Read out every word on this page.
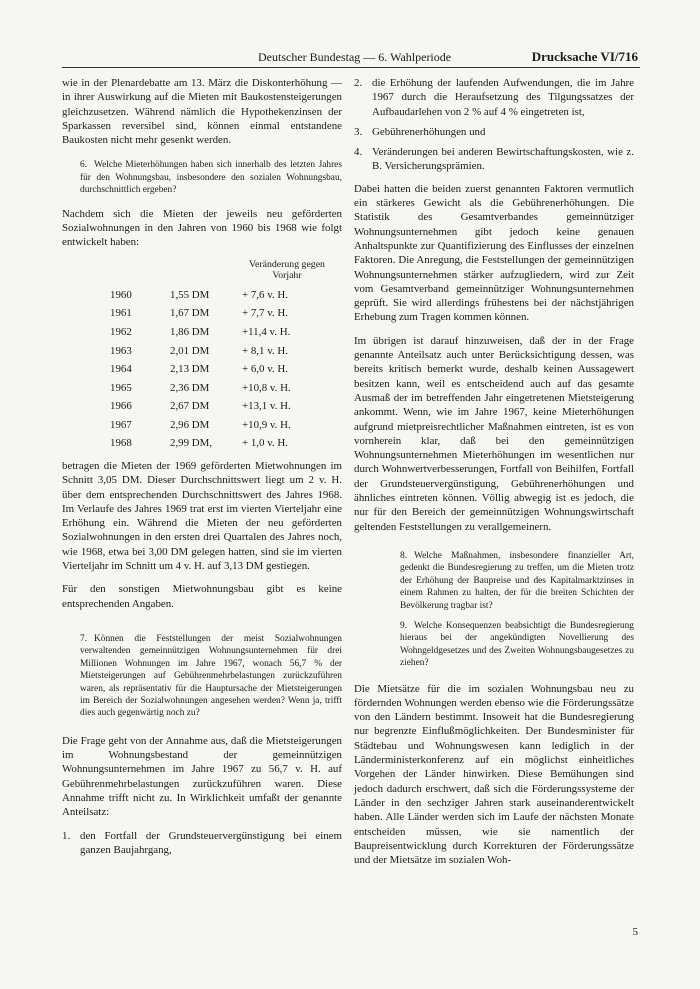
Deutscher Bundestag — 6. Wahlperiode	Drucksache VI/716

wie in der Plenardebatte am 13. März die Diskonterhöhung — in ihrer Auswirkung auf die Mieten mit Baukostensteigerungen gleichzusetzen. Während nämlich die Hypothekenzinsen der Sparkassen reversibel sind, können einmal entstandene Baukosten nicht mehr gesenkt werden.

6. Welche Mieterhöhungen haben sich innerhalb des letzten Jahres für den Wohnungsbau, insbesondere den sozialen Wohnungsbau, durchschnittlich ergeben?

Nachdem sich die Mieten der jeweils neu geförderten Sozialwohnungen in den Jahren von 1960 bis 1968 wie folgt entwickelt haben:

		Veränderung gegen Vorjahr
1960	1,55 DM	+ 7,6 v. H.
1961	1,67 DM	+ 7,7 v. H.
1962	1,86 DM	+11,4 v. H.
1963	2,01 DM	+ 8,1 v. H.
1964	2,13 DM	+ 6,0 v. H.
1965	2,36 DM	+10,8 v. H.
1966	2,67 DM	+13,1 v. H.
1967	2,96 DM	+10,9 v. H.
1968	2,99 DM,	+ 1,0 v. H.

betragen die Mieten der 1969 geförderten Mietwohnungen im Schnitt 3,05 DM. Dieser Durchschnittswert liegt um 2 v. H. über dem entsprechenden Durchschnittswert des Jahres 1968. Im Verlaufe des Jahres 1969 trat erst im vierten Vierteljahr eine Erhöhung ein. Während die Mieten der neu geförderten Sozialwohnungen in den ersten drei Quartalen des Jahres noch, wie 1968, etwa bei 3,00 DM gelegen hatten, sind sie im vierten Vierteljahr im Schnitt um 4 v. H. auf 3,13 DM gestiegen.

Für den sonstigen Mietwohnungsbau gibt es keine entsprechenden Angaben.

7. Können die Feststellungen der meist Sozialwohnungen verwaltenden gemeinnützigen Wohnungsunternehmen für drei Millionen Wohnungen im Jahre 1967, wonach 56,7 % der Mietsteigerungen auf Gebührenmehrbelastungen zurückzuführen waren, als repräsentativ für die Hauptursache der Mietsteigerungen im Bereich der Sozialwohnungen angesehen werden? Wenn ja, trifft dies auch gegenwärtig noch zu?

Die Frage geht von der Annahme aus, daß die Mietsteigerungen im Wohnungsbestand der gemeinnützigen Wohnungsunternehmen im Jahre 1967 zu 56,7 v. H. auf Gebührenmehrbelastungen zurückzuführen waren. Diese Annahme trifft nicht zu. In Wirklichkeit umfaßt der genannte Anteilsatz:

1. den Fortfall der Grundsteuervergünstigung bei einem ganzen Baujahrgang,
2. die Erhöhung der laufenden Aufwendungen, die im Jahre 1967 durch die Heraufsetzung des Tilgungssatzes der Aufbaudarlehen von 2 % auf 4 % eingetreten ist,
3. Gebührenerhöhungen und
4. Veränderungen bei anderen Bewirtschaftungskosten, wie z. B. Versicherungsprämien.

Dabei hatten die beiden zuerst genannten Faktoren vermutlich ein stärkeres Gewicht als die Gebührenerhöhungen. Die Statistik des Gesamtverbandes gemeinnütziger Wohnungsunternehmen gibt jedoch keine genauen Anhaltspunkte zur Quantifizierung des Einflusses der einzelnen Faktoren. Die Anregung, die Feststellungen der gemeinnützigen Wohnungsunternehmen stärker aufzugliedern, wird zur Zeit vom Gesamtverband gemeinnütziger Wohnungsunternehmen geprüft. Sie wird allerdings frühestens bei der nächstjährigen Erhebung zum Tragen kommen können.

Im übrigen ist darauf hinzuweisen, daß der in der Frage genannte Anteilsatz auch unter Berücksichtigung dessen, was bereits kritisch bemerkt wurde, deshalb keinen Aussagewert besitzen kann, weil es entscheidend auch auf das gesamte Ausmaß der im betreffenden Jahr eingetretenen Mietsteigerung ankommt. Wenn, wie im Jahre 1967, keine Mieterhöhungen aufgrund mietpreisrechtlicher Maßnahmen eintreten, ist es von vornherein klar, daß bei den gemeinnützigen Wohnungsunternehmen Mieterhöhungen im wesentlichen nur durch Wohnwertverbesserungen, Fortfall von Beihilfen, Fortfall der Grundsteuervergünstigung, Gebührenerhöhungen und ähnliches eintreten können. Völlig abwegig ist es jedoch, die nur für den Bereich der gemeinnützigen Wohnungswirtschaft geltenden Feststellungen zu verallgemeinern.

8. Welche Maßnahmen, insbesondere finanzieller Art, gedenkt die Bundesregierung zu treffen, um die Mieten trotz der Erhöhung der Baupreise und des Kapitalmarktzinses in einem Rahmen zu halten, der für die breiten Schichten der Bevölkerung tragbar ist?
9. Welche Konsequenzen beabsichtigt die Bundesregierung hieraus bei der angekündigten Novellierung des Wohngeldgesetzes und des Zweiten Wohnungsbaugesetzes zu ziehen?

Die Mietsätze für die im sozialen Wohnungsbau neu zu fördernden Wohnungen werden ebenso wie die Förderungssätze von den Ländern bestimmt. Insoweit hat die Bundesregierung nur begrenzte Einflußmöglichkeiten. Der Bundesminister für Städtebau und Wohnungswesen kann lediglich in der Länderministerkonferenz auf ein möglichst einheitliches Vorgehen der Länder hinwirken. Diese Bemühungen sind jedoch dadurch erschwert, daß sich die Förderungssysteme der Länder in den sechziger Jahren stark auseinanderentwickelt haben. Alle Länder werden sich im Laufe der nächsten Monate entscheiden müssen, wie sie namentlich der Baupreisentwicklung durch Korrekturen der Förderungssätze und der Mietsätze im sozialen Woh-

5
